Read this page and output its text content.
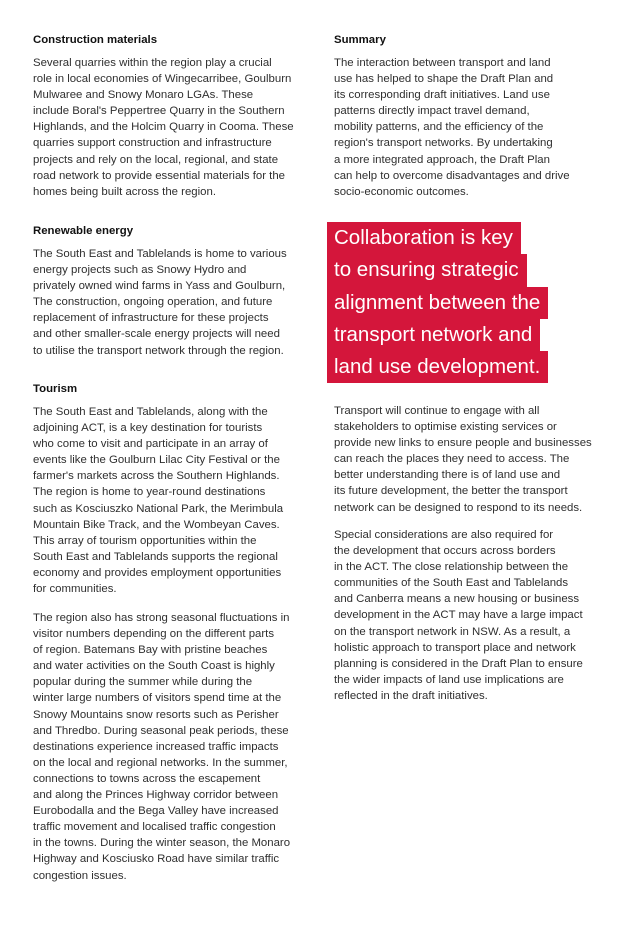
Construction materials
Several quarries within the region play a crucial
role in local economies of Wingecarribee, Goulburn
Mulwaree and Snowy Monaro LGAs. These
include Boral's Peppertree Quarry in the Southern
Highlands, and the Holcim Quarry in Cooma. These
quarries support construction and infrastructure
projects and rely on the local, regional, and state
road network to provide essential materials for the
homes being built across the region.
Renewable energy
The South East and Tablelands is home to various
energy projects such as Snowy Hydro and
privately owned wind farms in Yass and Goulburn,
The construction, ongoing operation, and future
replacement of infrastructure for these projects
and other smaller-scale energy projects will need
to utilise the transport network through the region.
Tourism
The South East and Tablelands, along with the
adjoining ACT, is a key destination for tourists
who come to visit and participate in an array of
events like the Goulburn Lilac City Festival or the
farmer's markets across the Southern Highlands.
The region is home to year-round destinations
such as Kosciuszko National Park, the Merimbula
Mountain Bike Track, and the Wombeyan Caves.
This array of tourism opportunities within the
South East and Tablelands supports the regional
economy and provides employment opportunities
for communities.
The region also has strong seasonal fluctuations in
visitor numbers depending on the different parts
of region. Batemans Bay with pristine beaches
and water activities on the South Coast is highly
popular during the summer while during the
winter large numbers of visitors spend time at the
Snowy Mountains snow resorts such as Perisher
and Thredbo. During seasonal peak periods, these
destinations experience increased traffic impacts
on the local and regional networks. In the summer,
connections to towns across the escapement
and along the Princes Highway corridor between
Eurobodalla and the Bega Valley have increased
traffic movement and localised traffic congestion
in the towns. During the winter season, the Monaro
Highway and Kosciusko Road have similar traffic
congestion issues.
Summary
The interaction between transport and land
use has helped to shape the Draft Plan and
its corresponding draft initiatives. Land use
patterns directly impact travel demand,
mobility patterns, and the efficiency of the
region's transport networks. By undertaking
a more integrated approach, the Draft Plan
can help to overcome disadvantages and drive
socio-economic outcomes.
Transport will continue to engage with all
stakeholders to optimise existing services or
provide new links to ensure people and businesses
can reach the places they need to access. The
better understanding there is of land use and
its future development, the better the transport
network can be designed to respond to its needs.
Special considerations are also required for
the development that occurs across borders
in the ACT. The close relationship between the
communities of the South East and Tablelands
and Canberra means a new housing or business
development in the ACT may have a large impact
on the transport network in NSW. As a result, a
holistic approach to transport place and network
planning is considered in the Draft Plan to ensure
the wider impacts of land use implications are
reflected in the draft initiatives.
Collaboration is key
to ensuring strategic
alignment between the
transport network and
land use development.
